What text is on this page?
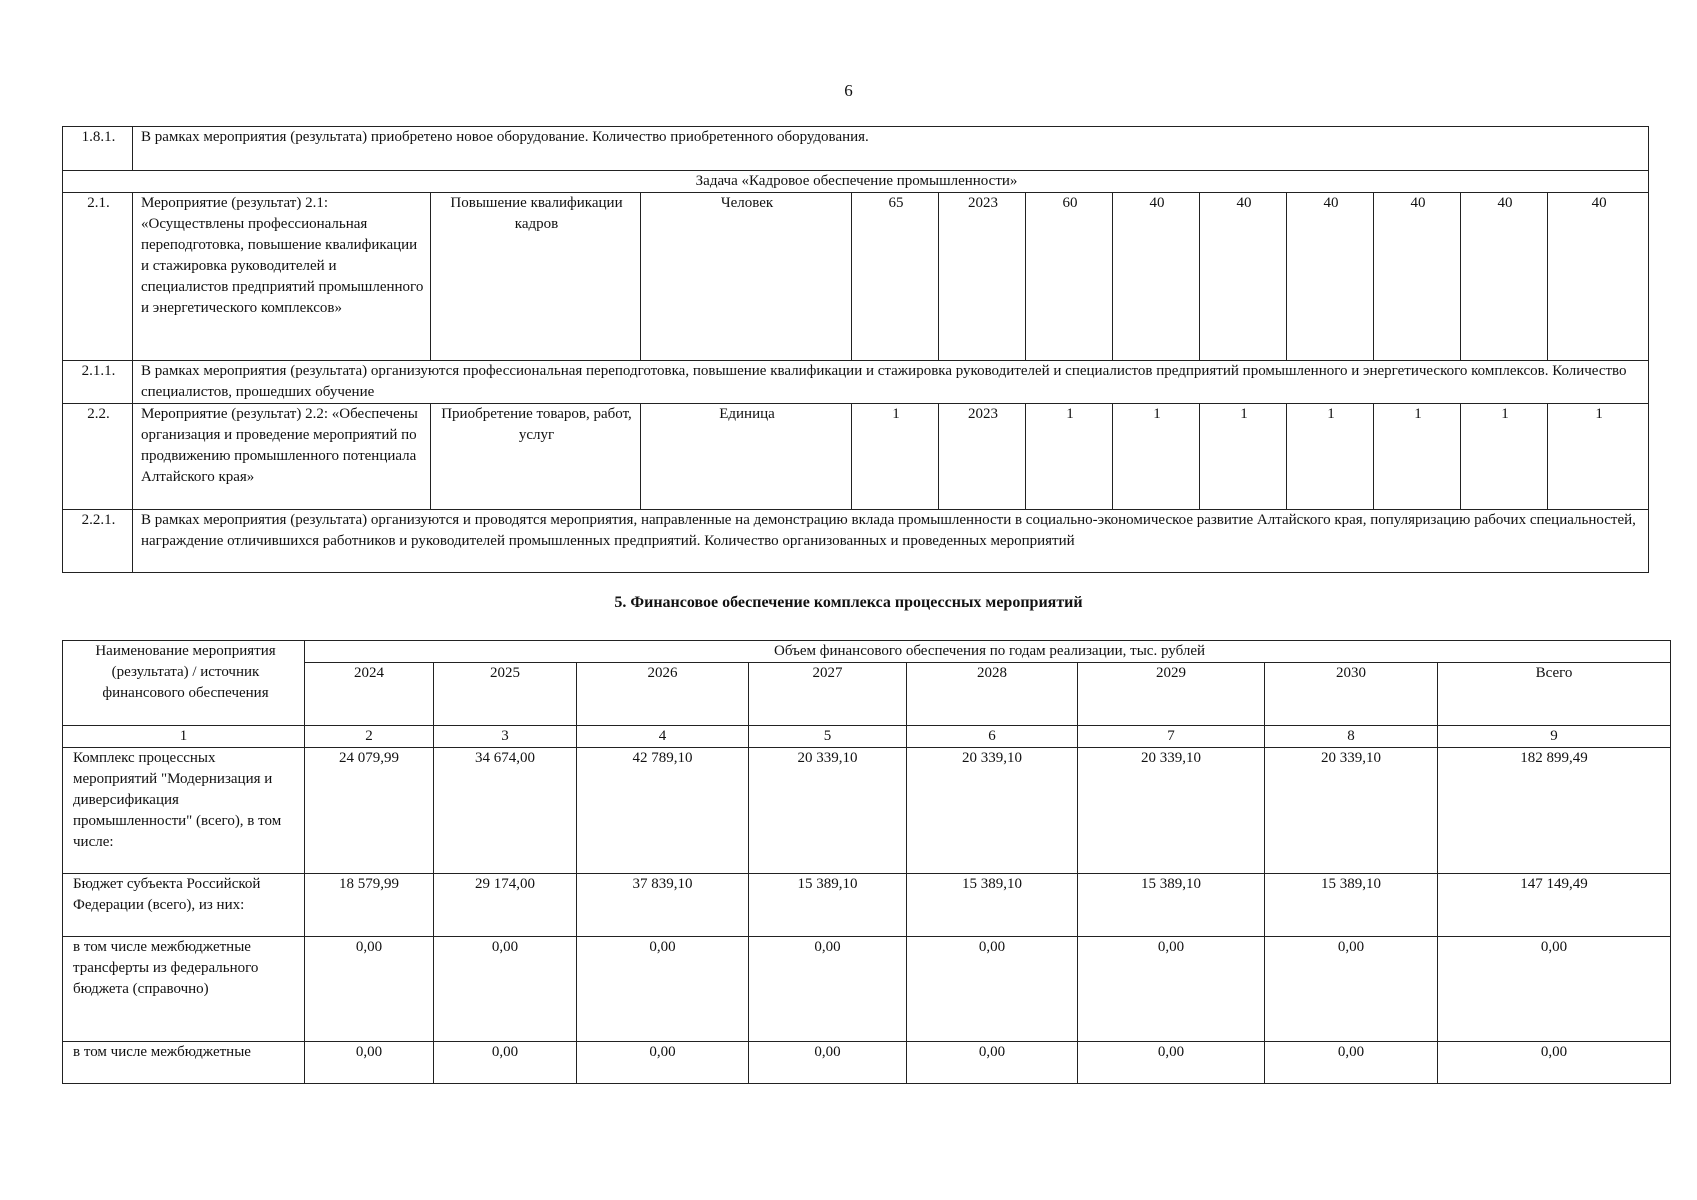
6
1.8.1.	В рамках мероприятия (результата) приобретено новое оборудование. Количество приобретенного оборудования.											
Задача «Кадровое обеспечение промышленности»												
2.1.	Мероприятие (результат) 2.1: «Осуществлены профессиональная переподготовка, повышение квалификации и стажировка руководителей и специалистов предприятий промышленного и энергетического комплексов»	Повышение квалификации кадров	Человек	65	2023	60	40	40	40	40	40	40
2.1.1.	В рамках мероприятия (результата) организуются профессиональная переподготовка, повышение квалификации и стажировка руководителей и специалистов предприятий промышленного и энергетического комплексов. Количество специалистов, прошедших обучение											
2.2.	Мероприятие (результат) 2.2: «Обеспечены организация и проведение мероприятий по продвижению промышленного потенциала Алтайского края»	Приобретение товаров, работ, услуг	Единица	1	2023	1	1	1	1	1	1	1
2.2.1.	В рамках мероприятия (результата) организуются и проводятся мероприятия, направленные на демонстрацию вклада промышленности в социально-экономическое развитие Алтайского края, популяризацию рабочих специальностей, награждение отличившихся работников и руководителей промышленных предприятий. Количество организованных и проведенных мероприятий											
5. Финансовое обеспечение комплекса процессных мероприятий
Наименование мероприятия (результата) / источник финансового обеспечения	Объем финансового обеспечения по годам реализации, тыс. рублей							
	2024	2025	2026	2027	2028	2029	2030	Всего
1	2	3	4	5	6	7	8	9
Комплекс процессных мероприятий "Модернизация и диверсификация промышленности" (всего), в том числе:	24 079,99	34 674,00	42 789,10	20 339,10	20 339,10	20 339,10	20 339,10	182 899,49
Бюджет субъекта Российской Федерации (всего), из них:	18 579,99	29 174,00	37 839,10	15 389,10	15 389,10	15 389,10	15 389,10	147 149,49
в том числе межбюджетные трансферты из федерального бюджета (справочно)	0,00	0,00	0,00	0,00	0,00	0,00	0,00	0,00
в том числе межбюджетные	0,00	0,00	0,00	0,00	0,00	0,00	0,00	0,00
